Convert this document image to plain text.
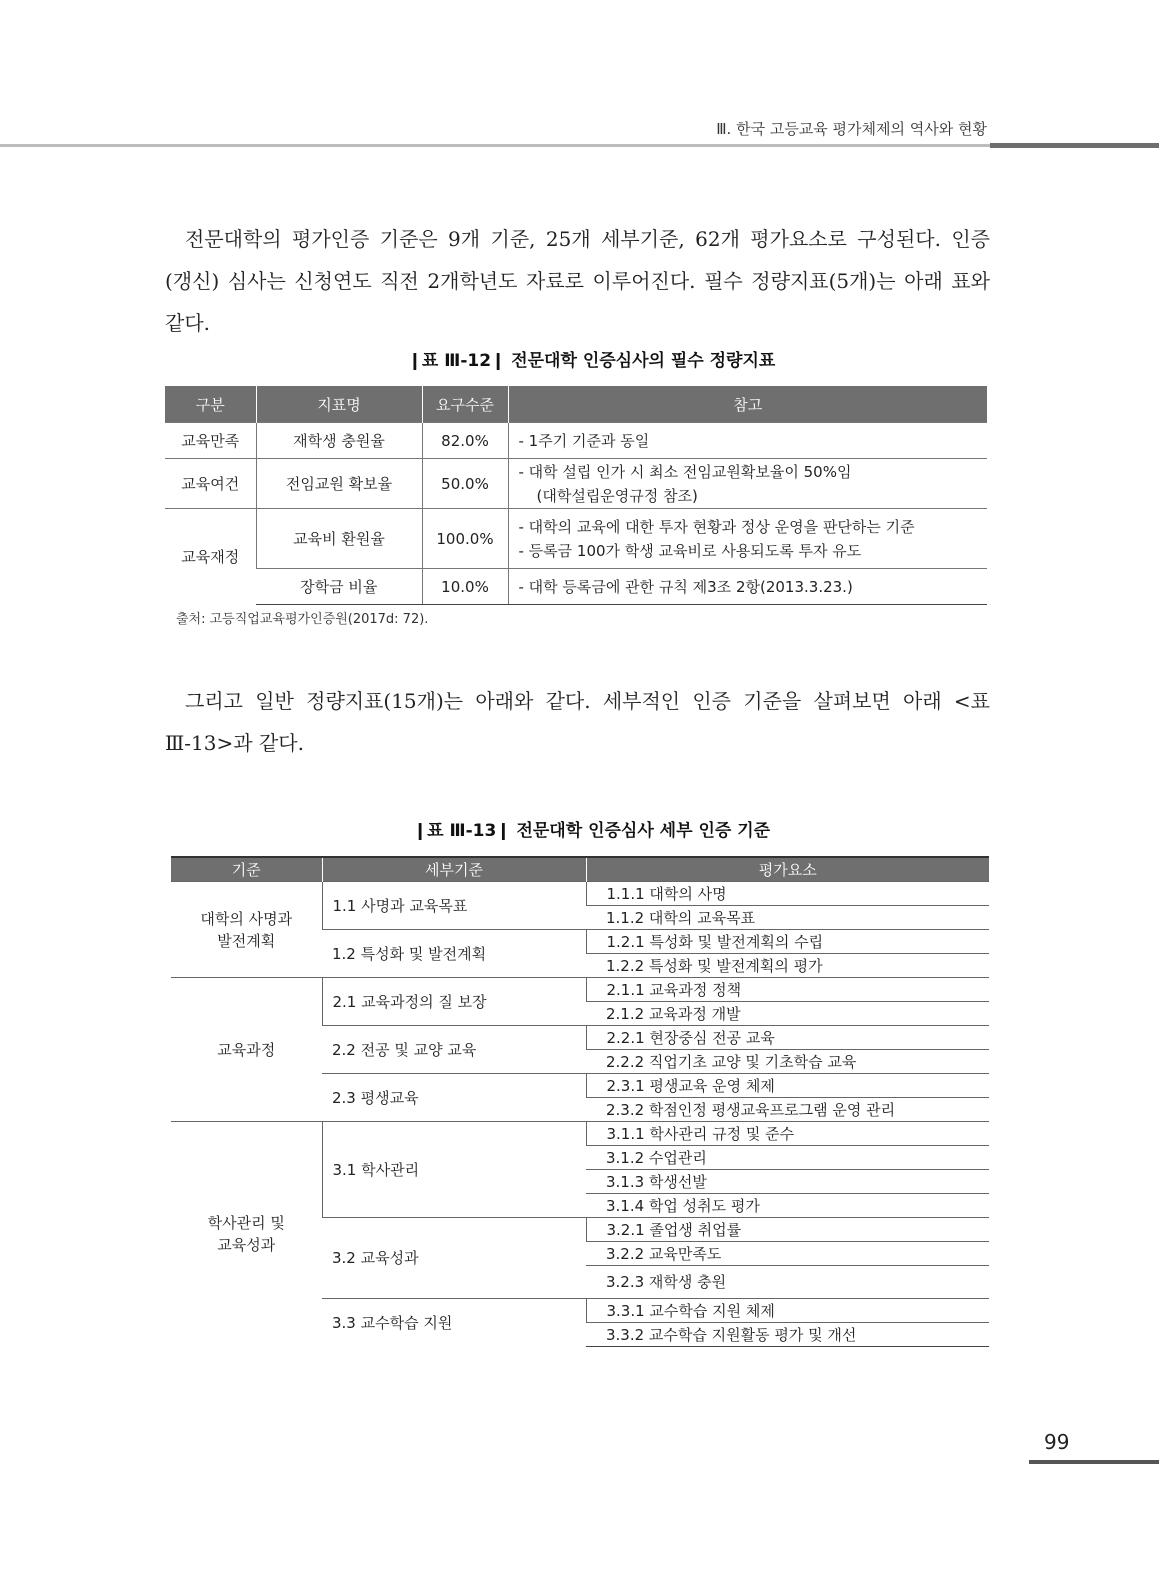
Ⅲ. 한국 고등교육 평가체제의 역사와 현황

전문대학의 평가인증 기준은 9개 기준, 25개 세부기준, 62개 평가요소로 구성된다. 인증(갱신) 심사는 신청연도 직전 2개학년도 자료로 이루어진다. 필수 정량지표(5개)는 아래 표와 같다.

❙표 Ⅲ-12❙ 전문대학 인증심사의 필수 정량지표
구분	지표명	요구수준	참고
교육만족	재학생 충원율	82.0%	- 1주기 기준과 동일
교육여건	전임교원 확보율	50.0%	- 대학 설립 인가 시 최소 전임교원확보율이 50%임
(대학설립운영규정 참조)

교육재정	교육비 환원율	100.0%	- 대학의 교육에 대한 투자 현황과 정상 운영을 판단하는 기준
- 등록금 100가 학생 교육비로 사용되도록 투자 유도

	장학금 비율	10.0%	- 대학 등록금에 관한 규칙 제3조 2항(2013.3.23.)
출처: 고등직업교육평가인증원(2017d: 72).

그리고 일반 정량지표(15개)는 아래와 같다. 세부적인 인증 기준을 살펴보면 아래 <표 Ⅲ-13>과 같다.

❙표 Ⅲ-13❙ 전문대학 인증심사 세부 인증 기준
기준	세부기준	평가요소

대학의 사명과
발전계획	1.1 사명과 교육목표	1.1.1 대학의 사명
		1.1.2 대학의 교육목표
	1.2 특성화 및 발전계획	1.2.1 특성화 및 발전계획의 수립
		1.2.2 특성화 및 발전계획의 평가
교육과정	2.1 교육과정의 질 보장	2.1.1 교육과정 정책
		2.1.2 교육과정 개발
	2.2 전공 및 교양 교육	2.2.1 현장중심 전공 교육
		2.2.2 직업기초 교양 및 기초학습 교육
	2.3 평생교육	2.3.1 평생교육 운영 체제
		2.3.2 학점인정 평생교육프로그램 운영 관리

학사관리 및
교육성과	3.1 학사관리	3.1.1 학사관리 규정 및 준수
		3.1.2 수업관리
		3.1.3 학생선발
		3.1.4 학업 성취도 평가
	3.2 교육성과	3.2.1 졸업생 취업률
		3.2.2 교육만족도
		3.2.3 재학생 충원
	3.3 교수학습 지원	3.3.1 교수학습 지원 체제
		3.3.2 교수학습 지원활동 평가 및 개선
99
